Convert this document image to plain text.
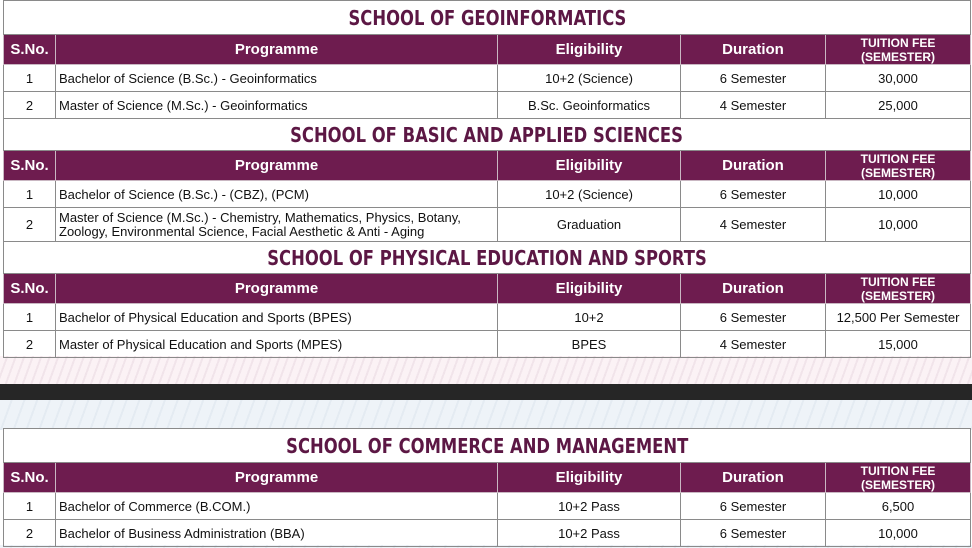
SCHOOL OF GEOINFORMATICS				
S.No.	Programme	Eligibility	Duration	TUITION FEE (SEMESTER)
1	Bachelor of Science (B.Sc.) - Geoinformatics	10+2 (Science)	6 Semester	30,000
2	Master of Science (M.Sc.) - Geoinformatics	B.Sc. Geoinformatics	4 Semester	25,000
SCHOOL OF BASIC AND APPLIED SCIENCES				
S.No.	Programme	Eligibility	Duration	TUITION FEE (SEMESTER)
1	Bachelor of Science (B.Sc.) - (CBZ), (PCM)	10+2 (Science)	6 Semester	10,000
2	Master of Science (M.Sc.) - Chemistry, Mathematics, Physics, Botany, Zoology, Environmental Science, Facial Aesthetic & Anti - Aging	Graduation	4 Semester	10,000
SCHOOL OF PHYSICAL EDUCATION AND SPORTS				
S.No.	Programme	Eligibility	Duration	TUITION FEE (SEMESTER)
1	Bachelor of Physical Education and Sports (BPES)	10+2	6 Semester	12,500 Per Semester
2	Master of Physical Education and Sports (MPES)	BPES	4 Semester	15,000
SCHOOL OF COMMERCE AND MANAGEMENT				
S.No.	Programme	Eligibility	Duration	TUITION FEE (SEMESTER)
1	Bachelor of Commerce (B.COM.)	10+2 Pass	6 Semester	6,500
2	Bachelor of Business Administration (BBA)	10+2 Pass	6 Semester	10,000
